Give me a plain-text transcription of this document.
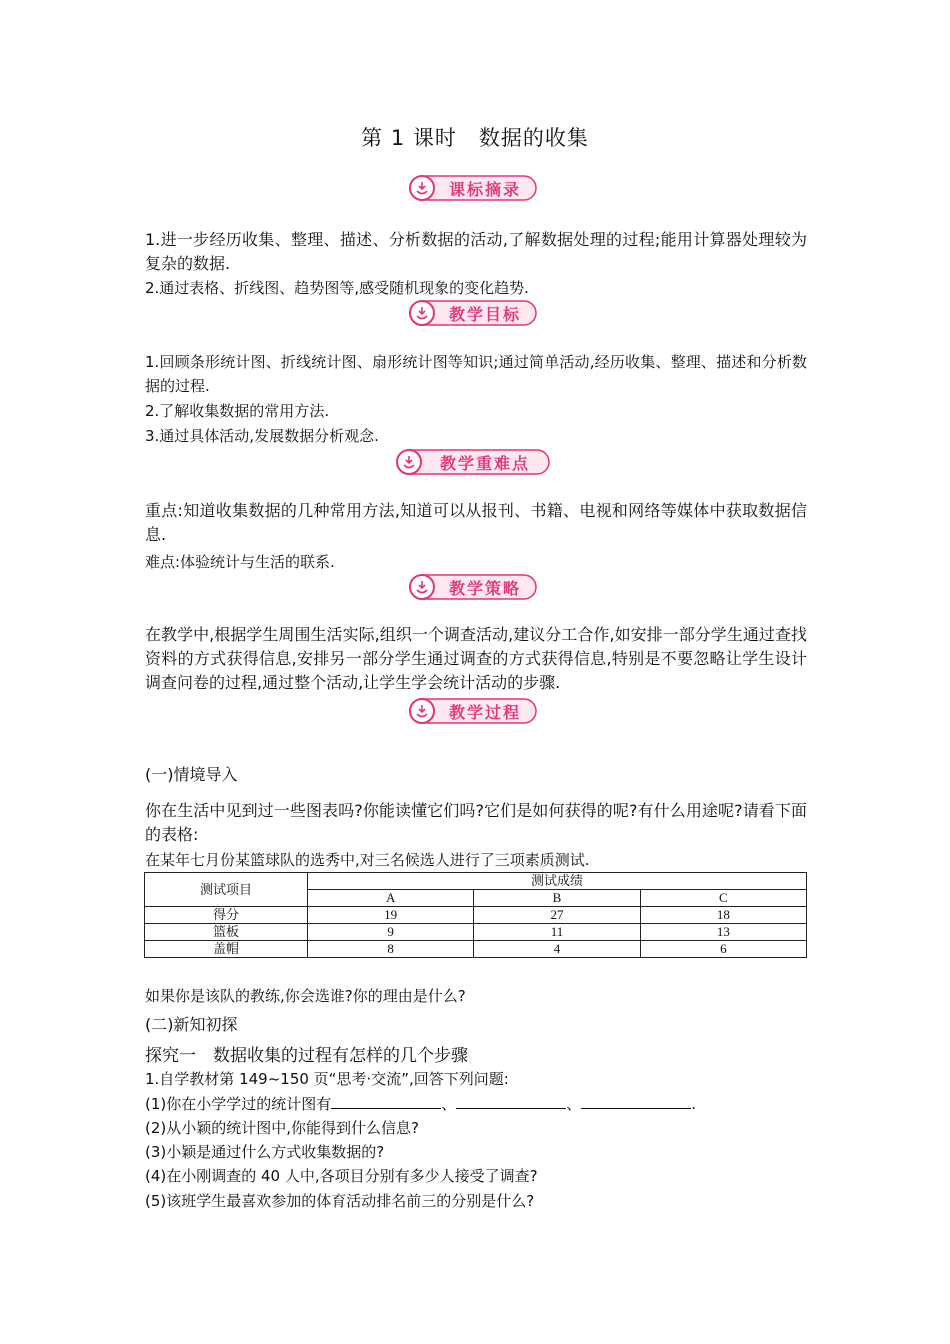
第 1 课时　数据的收集
课标摘录
1.进一步经历收集、整理、描述、分析数据的活动,了解数据处理的过程;能用计算器处理较为复杂的数据.
2.通过表格、折线图、趋势图等,感受随机现象的变化趋势.
教学目标
1.回顾条形统计图、折线统计图、扇形统计图等知识;通过简单活动,经历收集、整理、描述和分析数据的过程.
2.了解收集数据的常用方法.
3.通过具体活动,发展数据分析观念.
教学重难点
重点:知道收集数据的几种常用方法,知道可以从报刊、书籍、电视和网络等媒体中获取数据信息.
难点:体验统计与生活的联系.
教学策略
在教学中,根据学生周围生活实际,组织一个调查活动,建议分工合作,如安排一部分学生通过查找资料的方式获得信息,安排另一部分学生通过调查的方式获得信息,特别是不要忽略让学生设计调查问卷的过程,通过整个活动,让学生学会统计活动的步骤.
教学过程
(一)情境导入
你在生活中见到过一些图表吗?你能读懂它们吗?它们是如何获得的呢?有什么用途呢?请看下面的表格:
在某年七月份某篮球队的选秀中,对三名候选人进行了三项素质测试.
测试项目	测试成绩		
	A	B	C
得分	19	27	18
篮板	9	11	13
盖帽	8	4	6
如果你是该队的教练,你会选谁?你的理由是什么?
(二)新知初探
探究一　数据收集的过程有怎样的几个步骤
1.自学教材第 149~150 页“思考·交流”,回答下列问题:
(1)你在小学学过的统计图有	、	、	.
(2)从小颖的统计图中,你能得到什么信息?
(3)小颖是通过什么方式收集数据的?
(4)在小刚调查的 40 人中,各项目分别有多少人接受了调查?
(5)该班学生最喜欢参加的体育活动排名前三的分别是什么?
